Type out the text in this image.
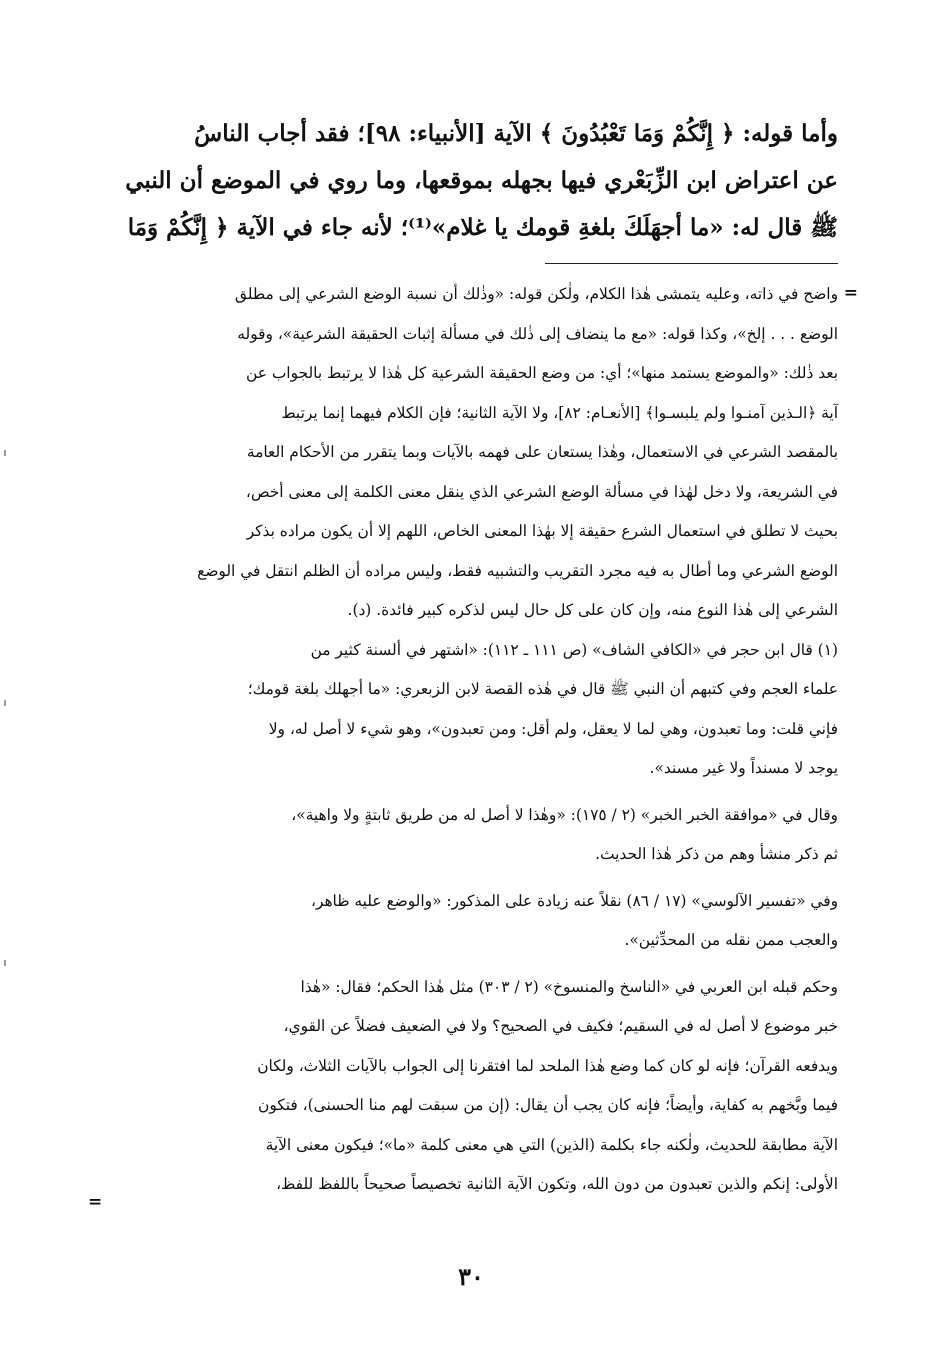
وأما قوله: ﴿ إِنَّكُمْ وَمَا تَعْبُدُونَ ﴾ الآية [الأنبياء: ٩٨]؛ فقد أجاب الناسُ

عن اعتراض ابن الزِّبَعْري فيها بجهله بموقعها، وما روي في الموضع أن النبي

ﷺ قال له: «ما أجهَلَكَ بلغةِ قومك يا غلام»⁽¹⁾؛ لأنه جاء في الآية ﴿ إِنَّكُمْ وَمَا

=

واضح في ذاته، وعليه يتمشى هٰذا الكلام، ولٰكن قوله: «وذٰلك أن نسبة الوضع الشرعي إلى مطلق

الوضع . . . إلخ»، وكذا قوله: «مع ما ينضاف إلى ذٰلك في مسألة إثبات الحقيقة الشرعية»، وقوله

بعد ذٰلك: «والموضع يستمد منها»؛ أي: من وضع الحقيقة الشرعية كل هٰذا لا يرتبط بالجواب عن

آية ﴿الـذين آمنـوا ولم يلبسـوا﴾ [الأنعـام: ٨٢]، ولا الآية الثانية؛ فإن الكلام فيهما إنما يرتبط

بالمقصد الشرعي في الاستعمال، وهٰذا يستعان على فهمه بالآيات وبما يتقرر من الأحكام العامة

في الشريعة، ولا دخل لهٰذا في مسألة الوضع الشرعي الذي ينقل معنى الكلمة إلى معنى أخص،

بحيث لا تطلق في استعمال الشرع حقيقة إلا بهٰذا المعنى الخاص، اللهم إلا أن يكون مراده بذكر

الوضع الشرعي وما أطال به فيه مجرد التقريب والتشبيه فقط، وليس مراده أن الظلم انتقل في الوضع

الشرعي إلى هٰذا النوع منه، وإن كان على كل حال ليس لذكره كبير فائدة. (د).

(١) قال ابن حجر في «الكافي الشاف» (ص ١١١ ـ ١١٢): «اشتهر في ألسنة كثير من

علماء العجم وفي كتبهم أن النبي ﷺ قال في هٰذه القصة لابن الزبعري: «ما أجهلك بلغة قومك؛

فإني قلت: وما تعبدون، وهي لما لا يعقل، ولم أقل: ومن تعبدون»، وهو شيء لا أصل له، ولا

يوجد لا مسنداً ولا غير مسند».

وقال في «موافقة الخبر الخبر» (٢ / ١٧٥): «وهٰذا لا أصل له من طريق ثابتةٍ ولا واهية»،

ثم ذكر منشأ وهم من ذكر هٰذا الحديث.

وفي «تفسير الآلوسي» (١٧ / ٨٦) نقلاً عنه زيادة على المذكور: «والوضع عليه ظاهر،

والعجب ممن نقله من المحدِّثين».

وحكم قبله ابن العربي في «الناسخ والمنسوخ» (٢ / ٣٠٣) مثل هٰذا الحكم؛ فقال: «هٰذا

خبر موضوع لا أصل له في السقيم؛ فكيف في الصحيح؟ ولا في الضعيف فضلاً عن القوي،

ويدفعه القرآن؛ فإنه لو كان كما وضع هٰذا الملحد لما افتقرنا إلى الجواب بالآيات الثلاث، ولكان

فيما وبَّخهم به كفاية، وأيضاً؛ فإنه كان يجب أن يقال: (إن من سبقت لهم منا الحسنى)، فتكون

الآية مطابقة للحديث، ولٰكنه جاء بكلمة (الذين) التي هي معنى كلمة «ما»؛ فيكون معنى الآية

الأولى: إنكم والذين تعبدون من دون الله، وتكون الآية الثانية تخصيصاً صحيحاً باللفظ للفظ،

=
٣٠
